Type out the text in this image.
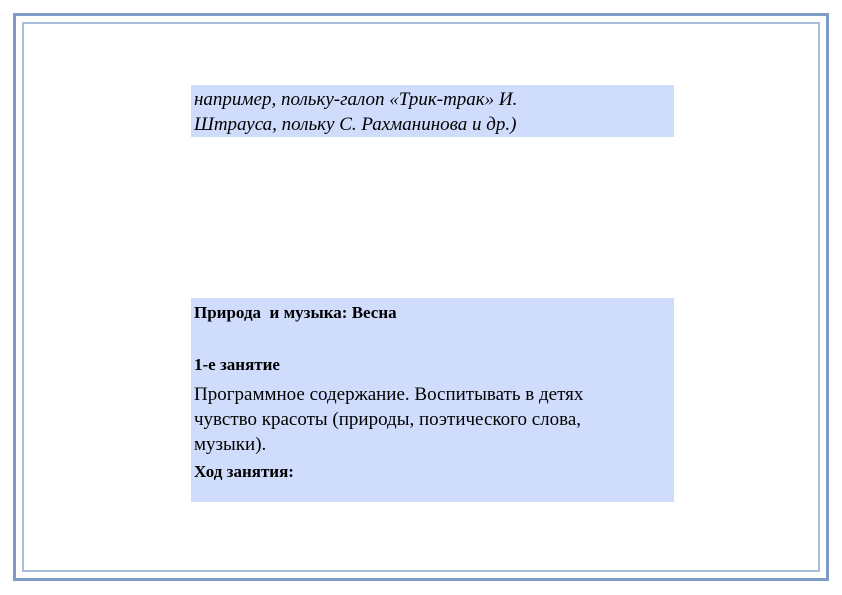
например, польку-галоп «Трик-трак» И.
Штрауса, польку С. Рахманинова и др.)
Природа  и музыка: Весна
1-е занятие
Программное содержание. Воспитывать в детях
чувство красоты (природы, поэтического слова,
музыки).
Ход занятия:
